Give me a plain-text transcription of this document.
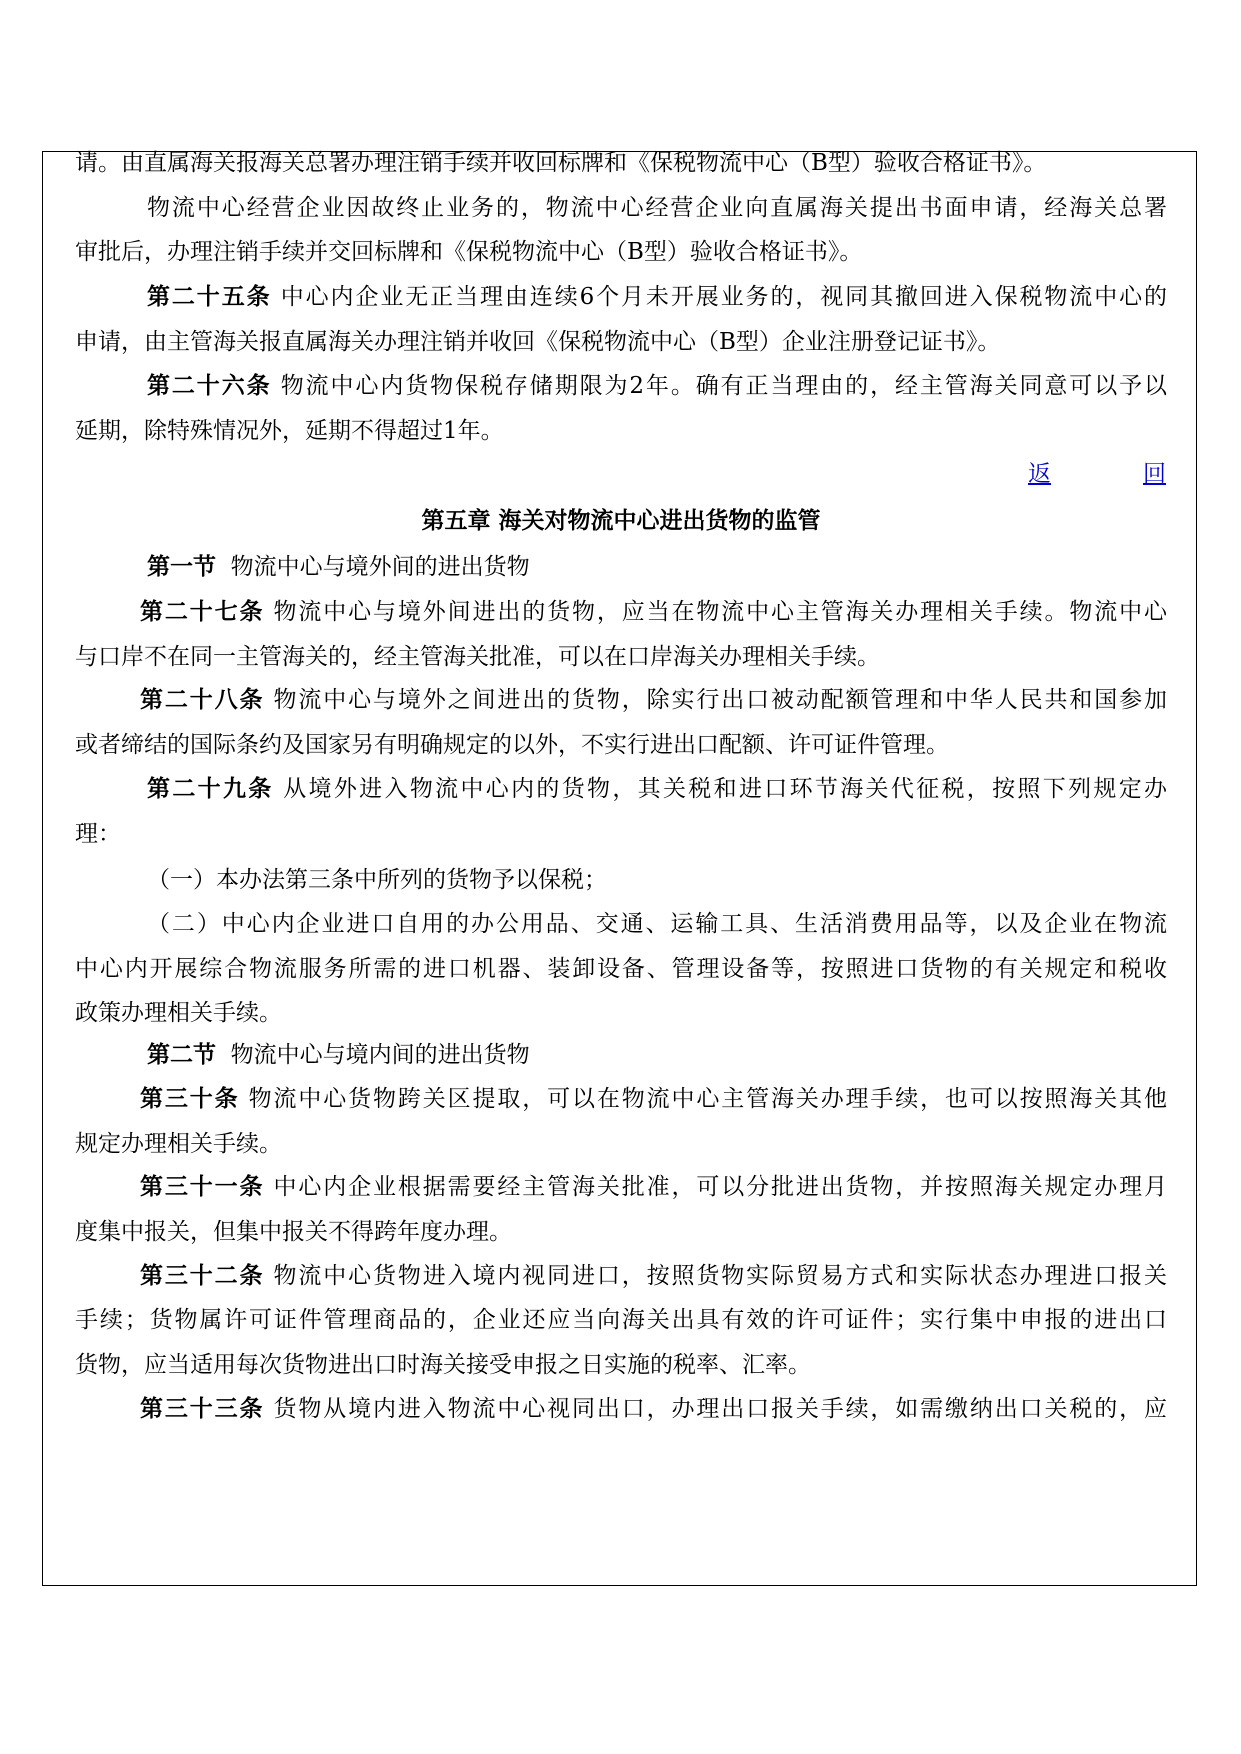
请。由直属海关报海关总署办理注销手续并收回标牌和《保税物流中心（B型）验收合格证书》。
物流中心经营企业因故终止业务的，物流中心经营企业向直属海关提出书面申请，经海关总署
审批后，办理注销手续并交回标牌和《保税物流中心（B型）验收合格证书》。
第二十五条 中心内企业无正当理由连续6个月未开展业务的，视同其撤回进入保税物流中心的
申请，由主管海关报直属海关办理注销并收回《保税物流中心（B型）企业注册登记证书》。
第二十六条 物流中心内货物保税存储期限为2年。确有正当理由的，经主管海关同意可以予以
延期，除特殊情况外，延期不得超过1年。
返	回
第五章 海关对物流中心进出货物的监管
第一节 物流中心与境外间的进出货物
第二十七条 物流中心与境外间进出的货物，应当在物流中心主管海关办理相关手续。物流中心
与口岸不在同一主管海关的，经主管海关批准，可以在口岸海关办理相关手续。
第二十八条 物流中心与境外之间进出的货物，除实行出口被动配额管理和中华人民共和国参加
或者缔结的国际条约及国家另有明确规定的以外，不实行进出口配额、许可证件管理。
第二十九条 从境外进入物流中心内的货物，其关税和进口环节海关代征税，按照下列规定办
理：
（一）本办法第三条中所列的货物予以保税；
（二）中心内企业进口自用的办公用品、交通、运输工具、生活消费用品等，以及企业在物流
中心内开展综合物流服务所需的进口机器、装卸设备、管理设备等，按照进口货物的有关规定和税收
政策办理相关手续。
第二节 物流中心与境内间的进出货物
第三十条 物流中心货物跨关区提取，可以在物流中心主管海关办理手续，也可以按照海关其他
规定办理相关手续。
第三十一条 中心内企业根据需要经主管海关批准，可以分批进出货物，并按照海关规定办理月
度集中报关，但集中报关不得跨年度办理。
第三十二条 物流中心货物进入境内视同进口，按照货物实际贸易方式和实际状态办理进口报关
手续；货物属许可证件管理商品的，企业还应当向海关出具有效的许可证件；实行集中申报的进出口
货物，应当适用每次货物进出口时海关接受申报之日实施的税率、汇率。
第三十三条 货物从境内进入物流中心视同出口，办理出口报关手续，如需缴纳出口关税的，应
